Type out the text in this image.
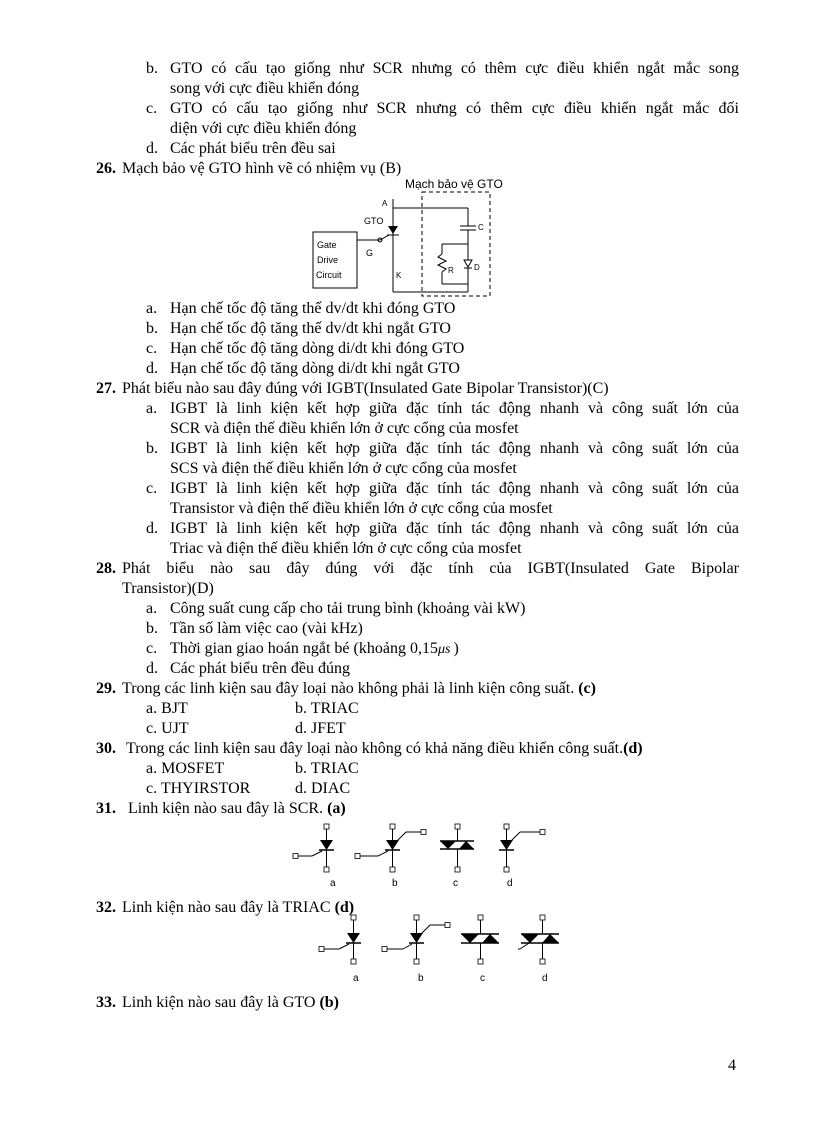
b. GTO có cấu tạo giống như SCR nhưng có thêm cực điều khiển ngắt mắc song
song với cực điều khiển đóng
c. GTO có cấu tạo giống như SCR nhưng có thêm cực điều khiển ngắt mắc đối
diện với cực điều khiển đóng
d. Các phát biểu trên đều sai
26. Mạch bảo vệ GTO hình vẽ có nhiệm vụ (B)
Mạch bảo vệ GTO
Gate
Drive
Circuit
A
GTO
G
K
C
R	D
a. Hạn chế tốc độ tăng thế dv/dt khi đóng GTO
b. Hạn chế tốc độ tăng thế dv/dt khi ngắt GTO
c. Hạn chế tốc độ tăng dòng di/dt khi đóng GTO
d. Hạn chế tốc độ tăng dòng di/dt khi ngắt GTO
27. Phát biểu nào sau đây đúng với IGBT(Insulated Gate Bipolar Transistor)(C)
a. IGBT là linh kiện kết hợp giữa đặc tính tác động nhanh và công suất lớn của
SCR và điện thế điều khiển lớn ở cực cổng của mosfet
b. IGBT là linh kiện kết hợp giữa đặc tính tác động nhanh và công suất lớn của
SCS và điện thế điều khiển lớn ở cực cổng của mosfet
c. IGBT là linh kiện kết hợp giữa đặc tính tác động nhanh và công suất lớn của
Transistor và điện thế điều khiển lớn ở cực cổng của mosfet
d. IGBT là linh kiện kết hợp giữa đặc tính tác động nhanh và công suất lớn của
Triac và điện thế điều khiển lớn ở cực cổng của mosfet
28. Phát biểu nào sau đây đúng với đặc tính của IGBT(Insulated Gate Bipolar
Transistor)(D)
a. Công suất cung cấp cho tải trung bình (khoảng vài kW)
b. Tần số làm việc cao (vài kHz)
c. Thời gian giao hoán ngắt bé (khoảng 0,15μs )
d. Các phát biểu trên đều đúng
29. Trong các linh kiện sau đây loại nào không phải là linh kiện công suất. (c)
a. BJT	b. TRIAC
c. UJT	d. JFET
30. Trong các linh kiện sau đây loại nào không có khả năng điều khiển công suất.(d)
a. MOSFET	b. TRIAC
c. THYIRSTOR	d. DIAC
31. Linh kiện nào sau đây là SCR. (a)
a	b	c	d
32. Linh kiện nào sau đây là TRIAC (d)
a	b	c	d
33. Linh kiện nào sau đây là GTO (b)
4
